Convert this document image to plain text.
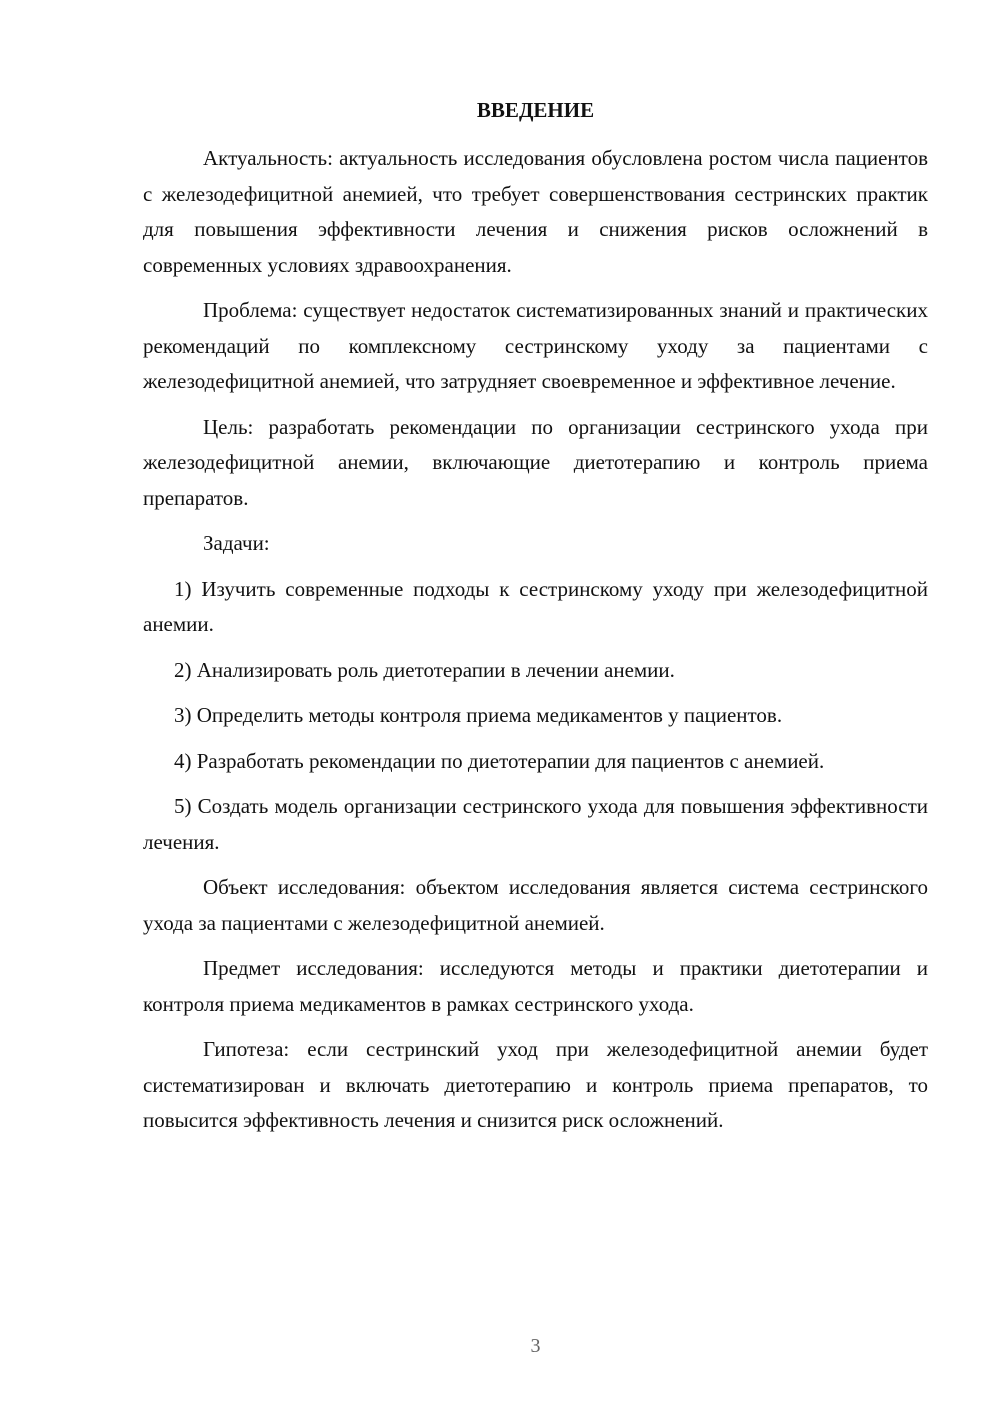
ВВЕДЕНИЕ

Актуальность: актуальность исследования обусловлена ростом числа пациентов с железодефицитной анемией, что требует совершенствования сестринских практик для повышения эффективности лечения и снижения рисков осложнений в современных условиях здравоохранения.

Проблема: существует недостаток систематизированных знаний и практических рекомендаций по комплексному сестринскому уходу за пациентами с железодефицитной анемией, что затрудняет своевременное и эффективное лечение.

Цель: разработать рекомендации по организации сестринского ухода при железодефицитной анемии, включающие диетотерапию и контроль приема препаратов.

Задачи:

1) Изучить современные подходы к сестринскому уходу при железодефицитной анемии.

2) Анализировать роль диетотерапии в лечении анемии.

3) Определить методы контроля приема медикаментов у пациентов.

4) Разработать рекомендации по диетотерапии для пациентов с анемией.

5) Создать модель организации сестринского ухода для повышения эффективности лечения.

Объект исследования: объектом исследования является система сестринского ухода за пациентами с железодефицитной анемией.

Предмет исследования: исследуются методы и практики диетотерапии и контроля приема медикаментов в рамках сестринского ухода.

Гипотеза: если сестринский уход при железодефицитной анемии будет систематизирован и включать диетотерапию и контроль приема препаратов, то повысится эффективность лечения и снизится риск осложнений.

3
